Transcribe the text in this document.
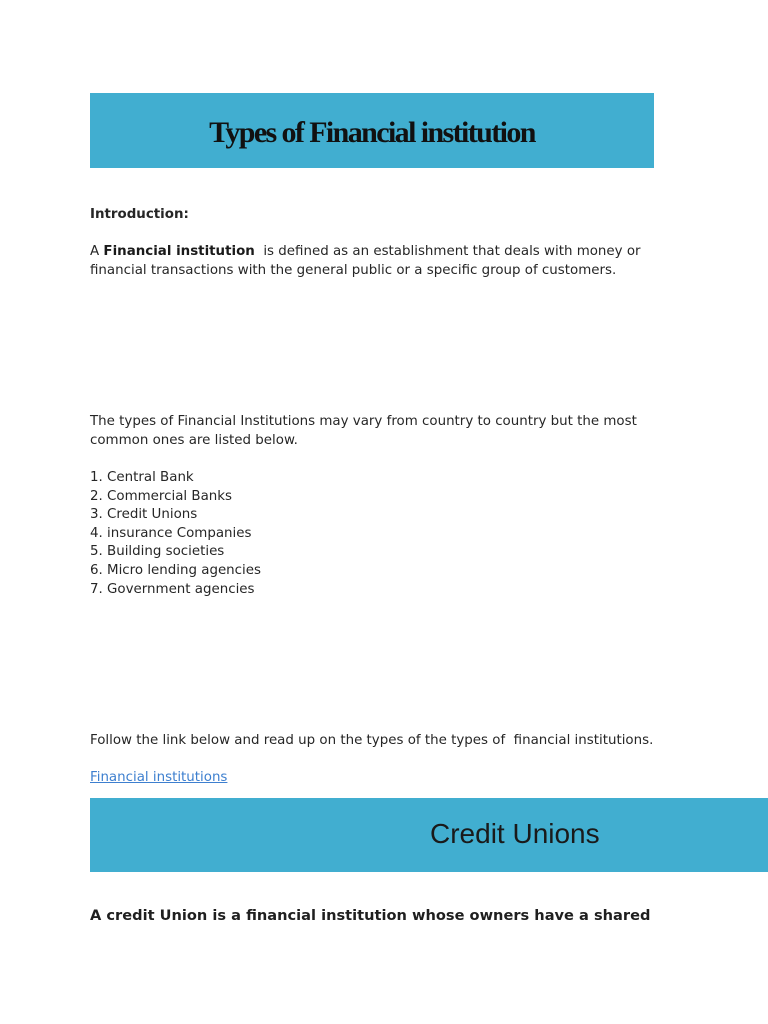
Types of Financial institution
Introduction:
A Financial institution  is defined as an establishment that deals with money or
financial transactions with the general public or a specific group of customers.
The types of Financial Institutions may vary from country to country but the most
common ones are listed below.
1. Central Bank
2. Commercial Banks
3. Credit Unions
4. insurance Companies
5. Building societies
6. Micro lending agencies
7. Government agencies
Follow the link below and read up on the types of the types of  financial institutions.
Financial institutions
Credit Unions
A credit Union is a financial institution whose owners have a shared
